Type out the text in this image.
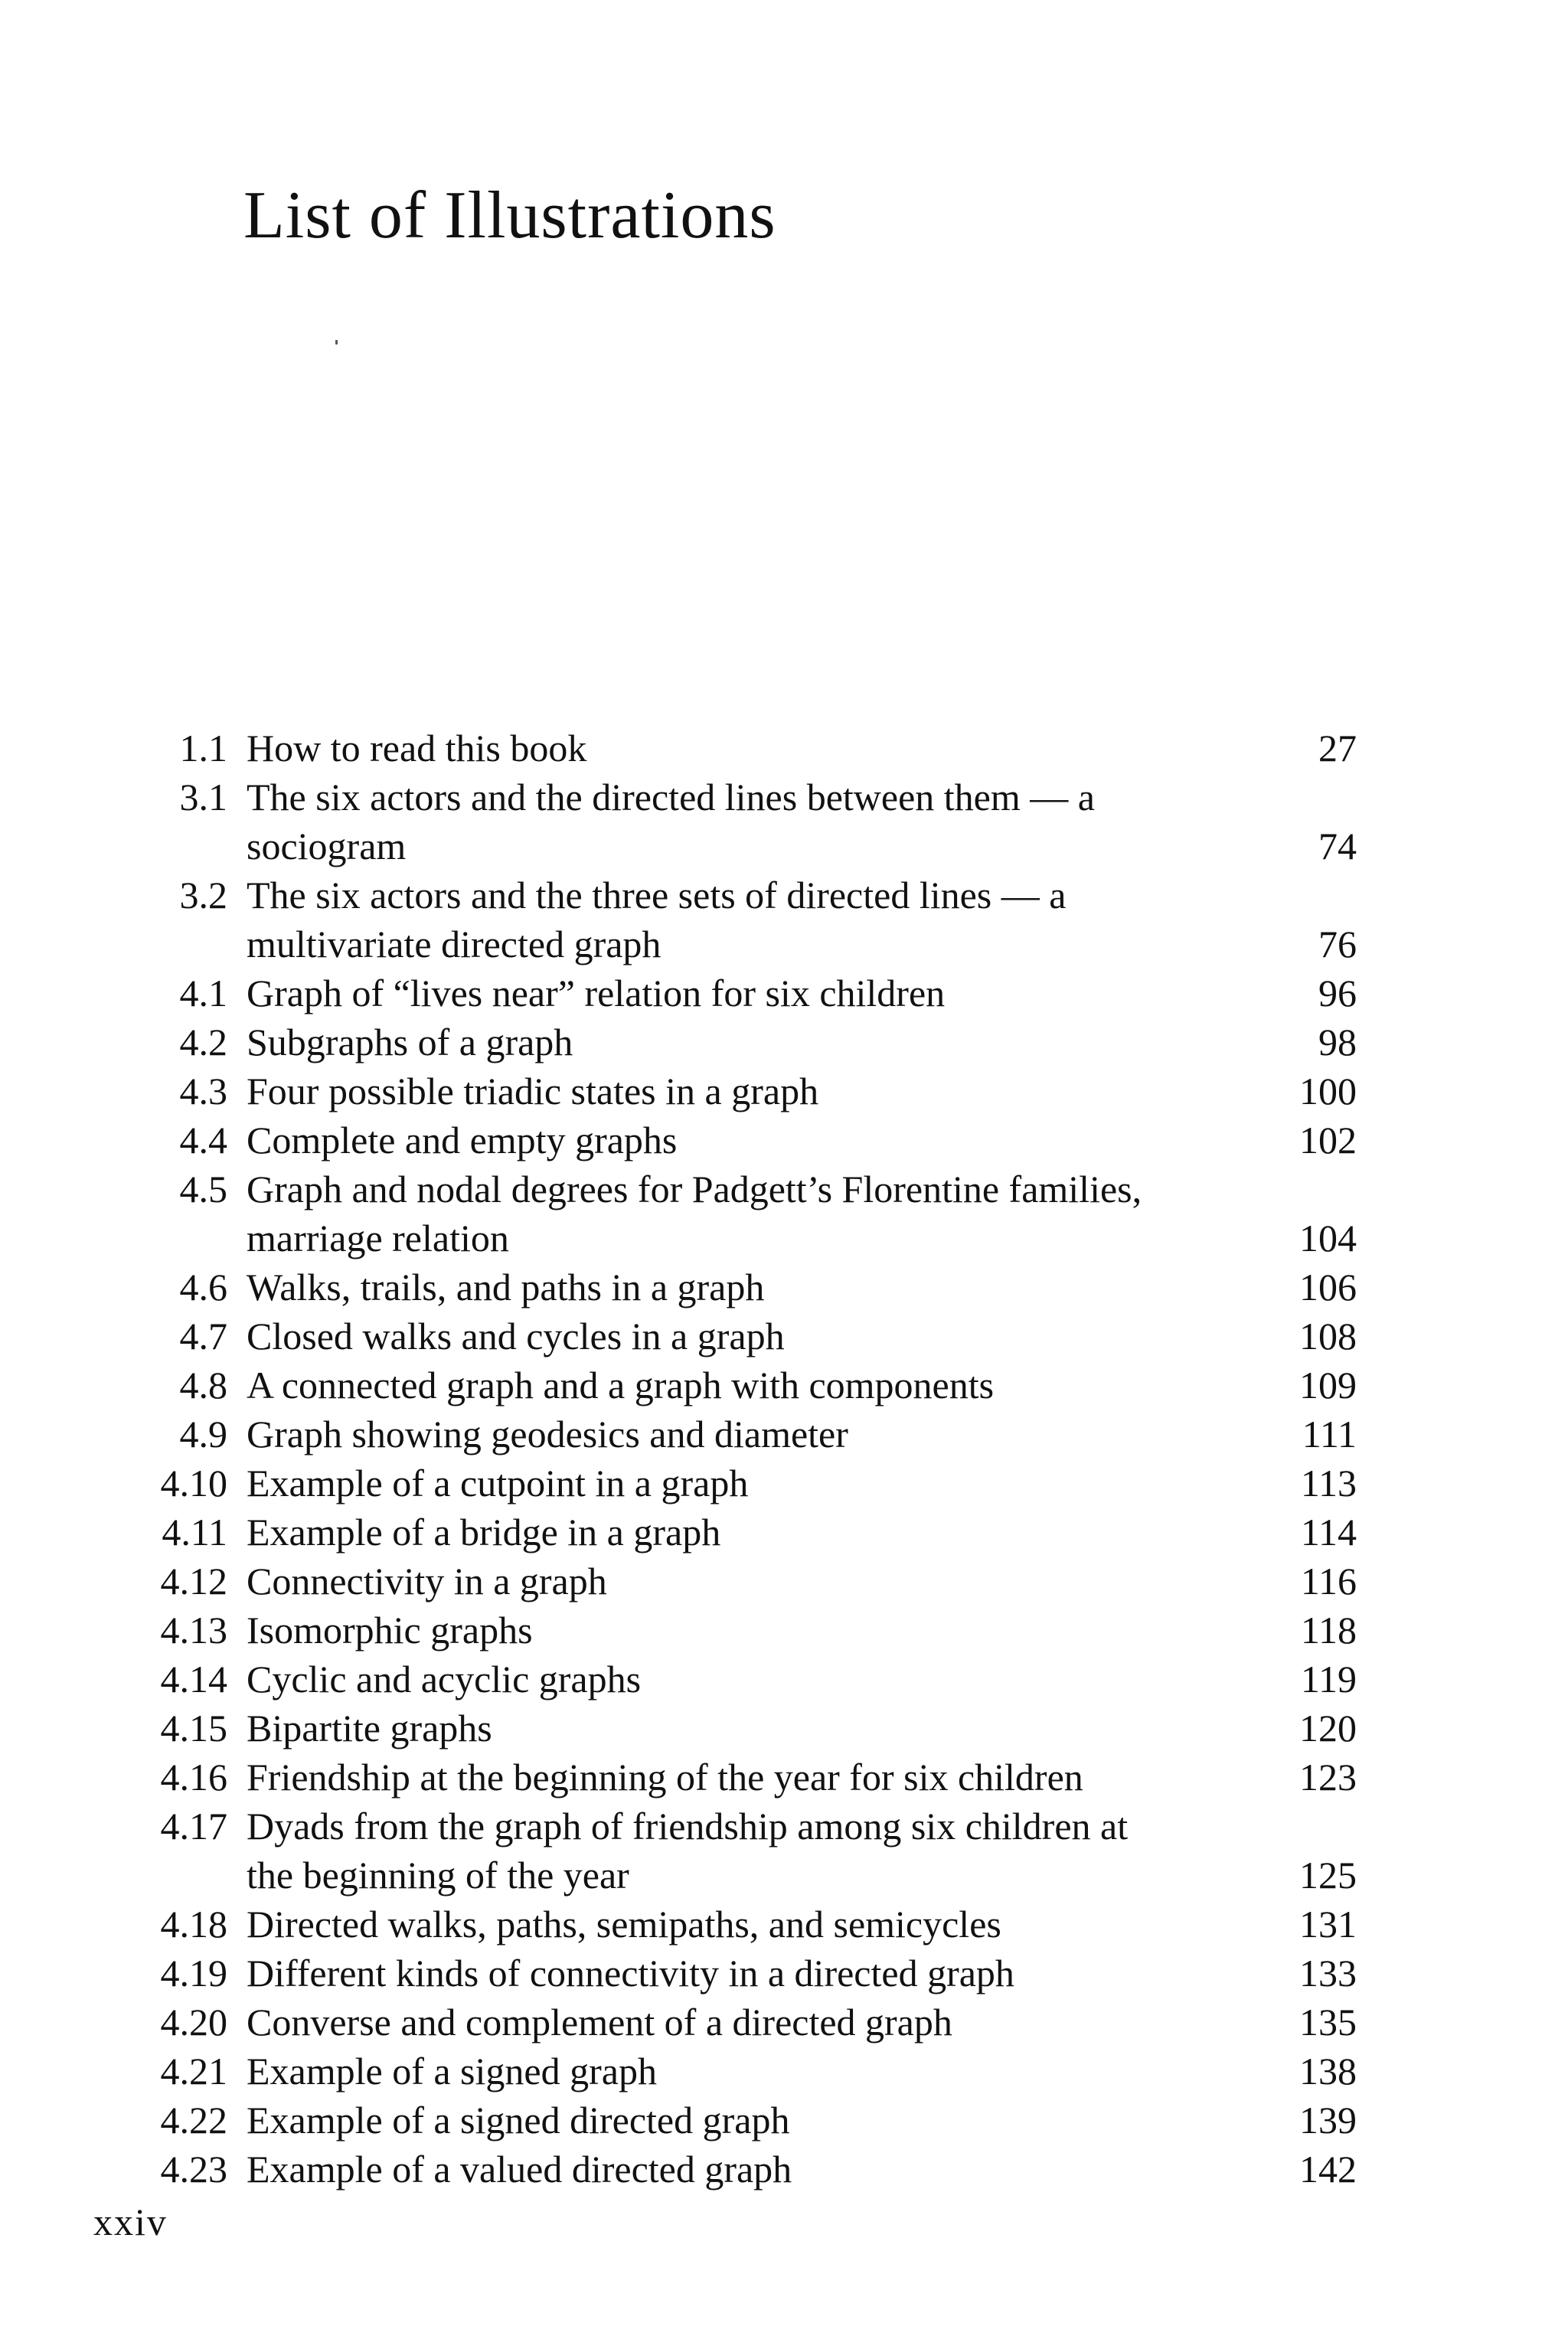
List of Illustrations
1.1 How to read this book	27
3.1 The six actors and the directed lines between them — a
sociogram	74
3.2 The six actors and the three sets of directed lines — a
multivariate directed graph	76
4.1 Graph of “lives near” relation for six children	96
4.2 Subgraphs of a graph	98
4.3 Four possible triadic states in a graph	100
4.4 Complete and empty graphs	102
4.5 Graph and nodal degrees for Padgett’s Florentine families,
marriage relation	104
4.6 Walks, trails, and paths in a graph	106
4.7 Closed walks and cycles in a graph	108
4.8 A connected graph and a graph with components	109
4.9 Graph showing geodesics and diameter	111
4.10 Example of a cutpoint in a graph	113
4.11 Example of a bridge in a graph	114
4.12 Connectivity in a graph	116
4.13 Isomorphic graphs	118
4.14 Cyclic and acyclic graphs	119
4.15 Bipartite graphs	120
4.16 Friendship at the beginning of the year for six children	123
4.17 Dyads from the graph of friendship among six children at
the beginning of the year	125
4.18 Directed walks, paths, semipaths, and semicycles	131
4.19 Different kinds of connectivity in a directed graph	133
4.20 Converse and complement of a directed graph	135
4.21 Example of a signed graph	138
4.22 Example of a signed directed graph	139
4.23 Example of a valued directed graph	142
xxiv
